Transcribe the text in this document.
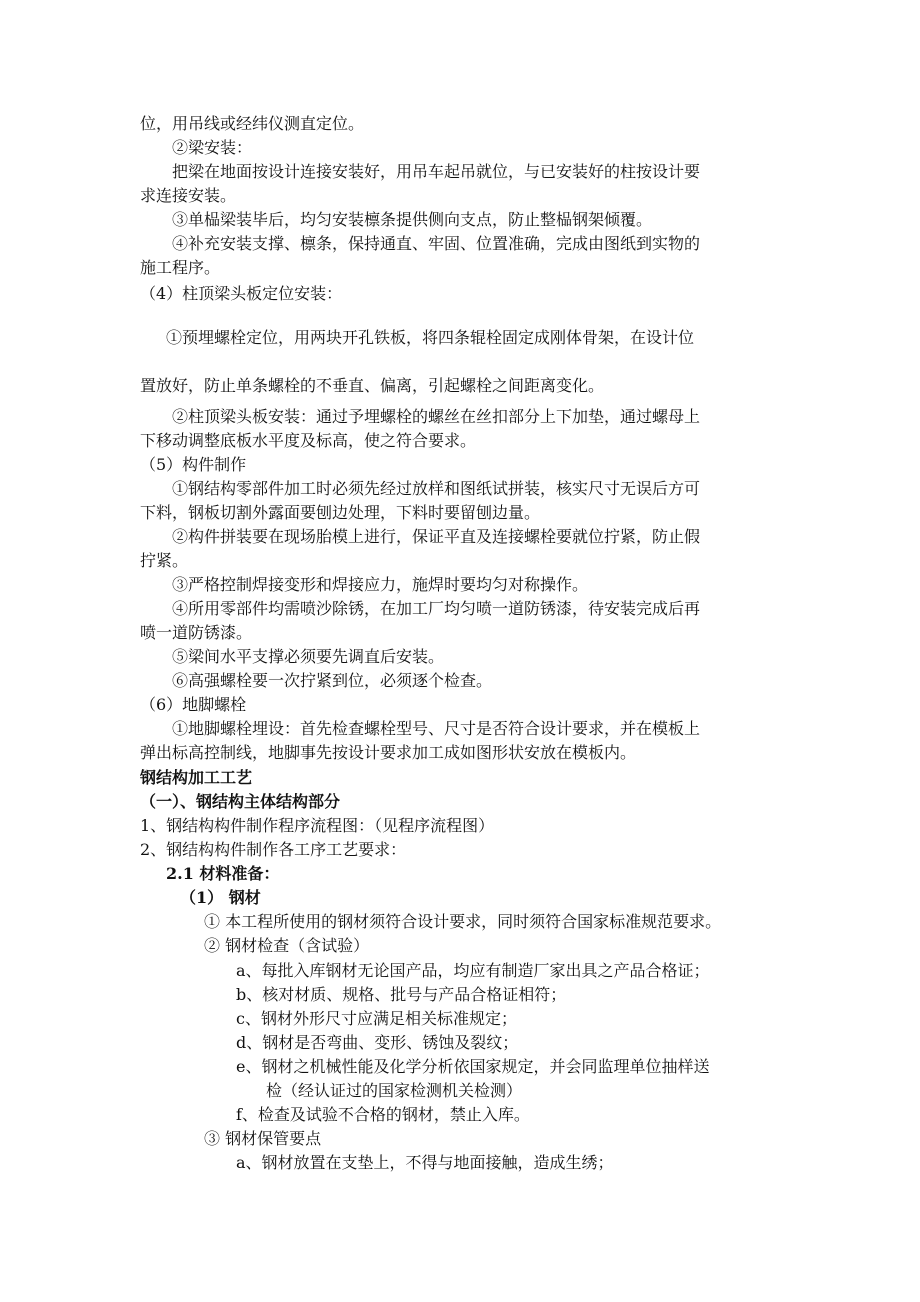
位，用吊线或经纬仪测直定位。
②梁安装：
把梁在地面按设计连接安装好，用吊车起吊就位，与已安装好的柱按设计要
求连接安装。
③单榀梁装毕后，均匀安装檩条提供侧向支点，防止整榀钢架倾覆。
④补充安装支撑、檩条，保持通直、牢固、位置准确，完成由图纸到实物的
施工程序。
（4）柱顶梁头板定位安装：
①预埋螺栓定位，用两块开孔铁板，将四条辊栓固定成刚体骨架，在设计位
置放好，防止单条螺栓的不垂直、偏离，引起螺栓之间距离变化。
②柱顶梁头板安装：通过予埋螺栓的螺丝在丝扣部分上下加垫，通过螺母上
下移动调整底板水平度及标高，使之符合要求。
（5）构件制作
①钢结构零部件加工时必须先经过放样和图纸试拼装，核实尺寸无误后方可
下料，钢板切割外露面要刨边处理，下料时要留刨边量。
②构件拼装要在现场胎模上进行，保证平直及连接螺栓要就位拧紧，防止假
拧紧。
③严格控制焊接变形和焊接应力，施焊时要均匀对称操作。
④所用零部件均需喷沙除锈，在加工厂均匀喷一道防锈漆，待安装完成后再
喷一道防锈漆。
⑤梁间水平支撑必须要先调直后安装。
⑥高强螺栓要一次拧紧到位，必须逐个检查。
（6）地脚螺栓
①地脚螺栓埋设：首先检查螺栓型号、尺寸是否符合设计要求，并在模板上
弹出标高控制线，地脚事先按设计要求加工成如图形状安放在模板内。
钢结构加工工艺
（一）、钢结构主体结构部分
1、钢结构构件制作程序流程图：（见程序流程图）
2、钢结构构件制作各工序工艺要求：
2.1 材料准备：
（1） 钢材
① 本工程所使用的钢材须符合设计要求，同时须符合国家标准规范要求。
② 钢材检查（含试验）
a、每批入库钢材无论国产品，均应有制造厂家出具之产品合格证；
b、核对材质、规格、批号与产品合格证相符；
c、钢材外形尺寸应满足相关标准规定；
d、钢材是否弯曲、变形、锈蚀及裂纹；
e、钢材之机械性能及化学分析依国家规定，并会同监理单位抽样送
检（经认证过的国家检测机关检测）
f、检查及试验不合格的钢材，禁止入库。
③ 钢材保管要点
a、钢材放置在支垫上，不得与地面接触，造成生绣；
